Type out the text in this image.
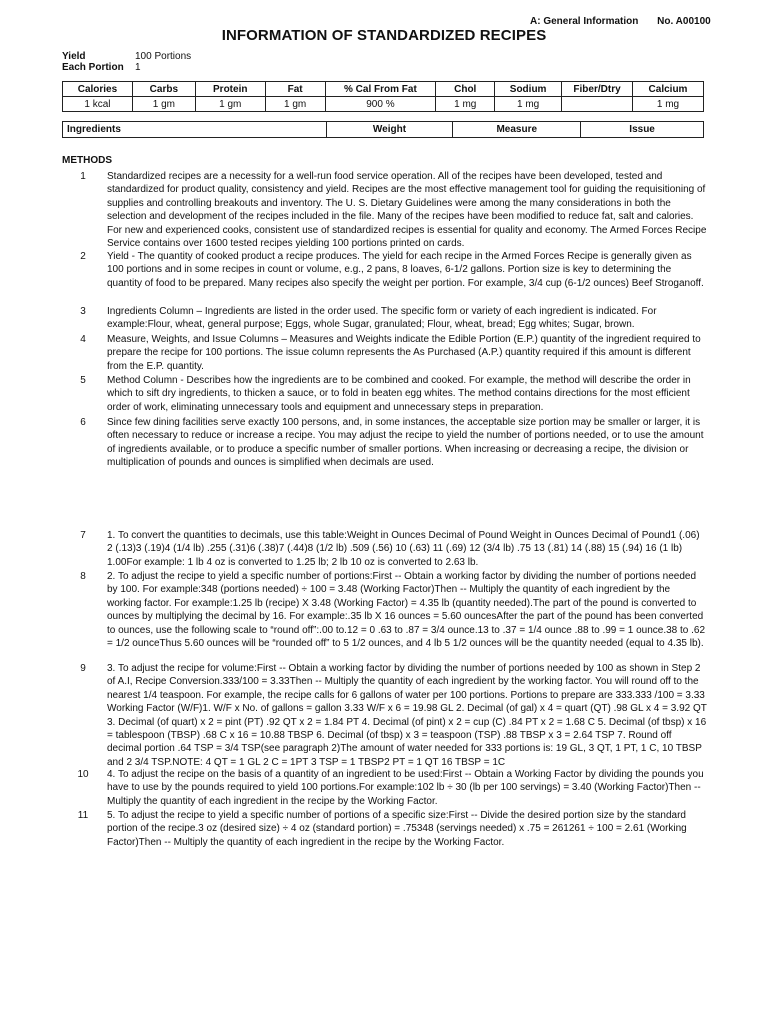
A: General Information No. A00100
INFORMATION OF STANDARDIZED RECIPES
Yield	100 Portions
Each Portion 1
Calories	Carbs	Protein	Fat	% Cal From Fat	Chol	Sodium	Fiber/Dtry	Calcium
1 kcal	1 gm	1 gm	1 gm	900 %	1 mg	1 mg		1 mg
Ingredients	Weight	Measure	Issue
METHODS
1	Standardized recipes are a necessity for a well-run food service operation. All of the recipes have been developed, tested and standardized for product quality, consistency and yield. Recipes are the most effective management tool for guiding the requisitioning of supplies and controlling breakouts and inventory. The U. S. Dietary Guidelines were among the many considerations in both the selection and development of the recipes included in the file. Many of the recipes have been modified to reduce fat, salt and calories. For new and experienced cooks, consistent use of standardized recipes is essential for quality and economy. The Armed Forces Recipe Service contains over 1600 tested recipes yielding 100 portions printed on cards.
2	Yield - The quantity of cooked product a recipe produces. The yield for each recipe in the Armed Forces Recipe is generally given as 100 portions and in some recipes in count or volume, e.g., 2 pans, 8 loaves, 6-1/2 gallons. Portion size is key to determining the quantity of food to be prepared. Many recipes also specify the weight per portion. For example, 3/4 cup (6-1/2 ounces) Beef Stroganoff.
3	Ingredients Column – Ingredients are listed in the order used. The specific form or variety of each ingredient is indicated. For example:Flour, wheat, general purpose; Eggs, whole Sugar, granulated; Flour, wheat, bread; Egg whites; Sugar, brown.
4	Measure, Weights, and Issue Columns – Measures and Weights indicate the Edible Portion (E.P.) quantity of the ingredient required to prepare the recipe for 100 portions. The issue column represents the As Purchased (A.P.) quantity required if this amount is different from the E.P. quantity.
5	Method Column - Describes how the ingredients are to be combined and cooked. For example, the method will describe the order in which to sift dry ingredients, to thicken a sauce, or to fold in beaten egg whites. The method contains directions for the most efficient order of work, eliminating unnecessary tools and equipment and unnecessary steps in preparation.
6	Since few dining facilities serve exactly 100 persons, and, in some instances, the acceptable size portion may be smaller or larger, it is often necessary to reduce or increase a recipe. You may adjust the recipe to yield the number of portions needed, or to use the amount of ingredients available, or to produce a specific number of smaller portions. When increasing or decreasing a recipe, the division or multiplication of pounds and ounces is simplified when decimals are used.
7	1. To convert the quantities to decimals, use this table:Weight in Ounces Decimal of Pound Weight in Ounces Decimal of Pound1 (.06) 2 (.13)3 (.19)4 (1/4 lb) .255 (.31)6 (.38)7 (.44)8 (1/2 lb) .509 (.56) 10 (.63) 11 (.69) 12 (3/4 lb) .75 13 (.81) 14 (.88) 15 (.94) 16 (1 lb) 1.00For example: 1 lb 4 oz is converted to 1.25 lb; 2 lb 10 oz is converted to 2.63 lb.
8	2. To adjust the recipe to yield a specific number of portions:First -- Obtain a working factor by dividing the number of portions needed by 100. For example:348 (portions needed) ÷ 100 = 3.48 (Working Factor)Then -- Multiply the quantity of each ingredient by the working factor. For example:1.25 lb (recipe) X 3.48 (Working Factor) = 4.35 lb (quantity needed).The part of the pound is converted to ounces by multiplying the decimal by 16. For example:.35 lb X 16 ounces = 5.60 ouncesAfter the part of the pound has been converted to ounces, use the following scale to “round off”:.00 to.12 = 0 .63 to .87 = 3/4 ounce.13 to .37 = 1/4 ounce .88 to .99 = 1 ounce.38 to .62 = 1/2 ounceThus 5.60 ounces will be “rounded off” to 5 1/2 ounces, and 4 lb 5 1/2 ounces will be the quantity needed (equal to 4.35 lb).
9	3. To adjust the recipe for volume:First -- Obtain a working factor by dividing the number of portions needed by 100 as shown in Step 2 of A.I, Recipe Conversion.333/100 = 3.33Then -- Multiply the quantity of each ingredient by the working factor. You will round off to the nearest 1/4 teaspoon. For example, the recipe calls for 6 gallons of water per 100 portions. Portions to prepare are 333.333 /100 = 3.33 Working Factor (W/F)1. W/F x No. of gallons = gallon 3.33 W/F x 6 = 19.98 GL 2. Decimal (of gal) x 4 = quart (QT) .98 GL x 4 = 3.92 QT 3. Decimal (of quart) x 2 = pint (PT) .92 QT x 2 = 1.84 PT 4. Decimal (of pint) x 2 = cup (C) .84 PT x 2 = 1.68 C 5. Decimal (of tbsp) x 16 = tablespoon (TBSP) .68 C x 16 = 10.88 TBSP 6. Decimal (of tbsp) x 3 = teaspoon (TSP) .88 TBSP x 3 = 2.64 TSP 7. Round off decimal portion .64 TSP = 3/4 TSP(see paragraph 2)The amount of water needed for 333 portions is: 19 GL, 3 QT, 1 PT, 1 C, 10 TBSP and 2 3/4 TSP.NOTE: 4 QT = 1 GL 2 C = 1PT 3 TSP = 1 TBSP2 PT = 1 QT 16 TBSP = 1C
10 4. To adjust the recipe on the basis of a quantity of an ingredient to be used:First -- Obtain a Working Factor by dividing the pounds you have to use by the pounds required to yield 100 portions.For example:102 lb ÷ 30 (lb per 100 servings) = 3.40 (Working Factor)Then -- Multiply the quantity of each ingredient in the recipe by the Working Factor.
11 5. To adjust the recipe to yield a specific number of portions of a specific size:First -- Divide the desired portion size by the standard portion of the recipe.3 oz (desired size) ÷ 4 oz (standard portion) = .75348 (servings needed) x .75 = 261261 ÷ 100 = 2.61 (Working Factor)Then -- Multiply the quantity of each ingredient in the recipe by the Working Factor.
